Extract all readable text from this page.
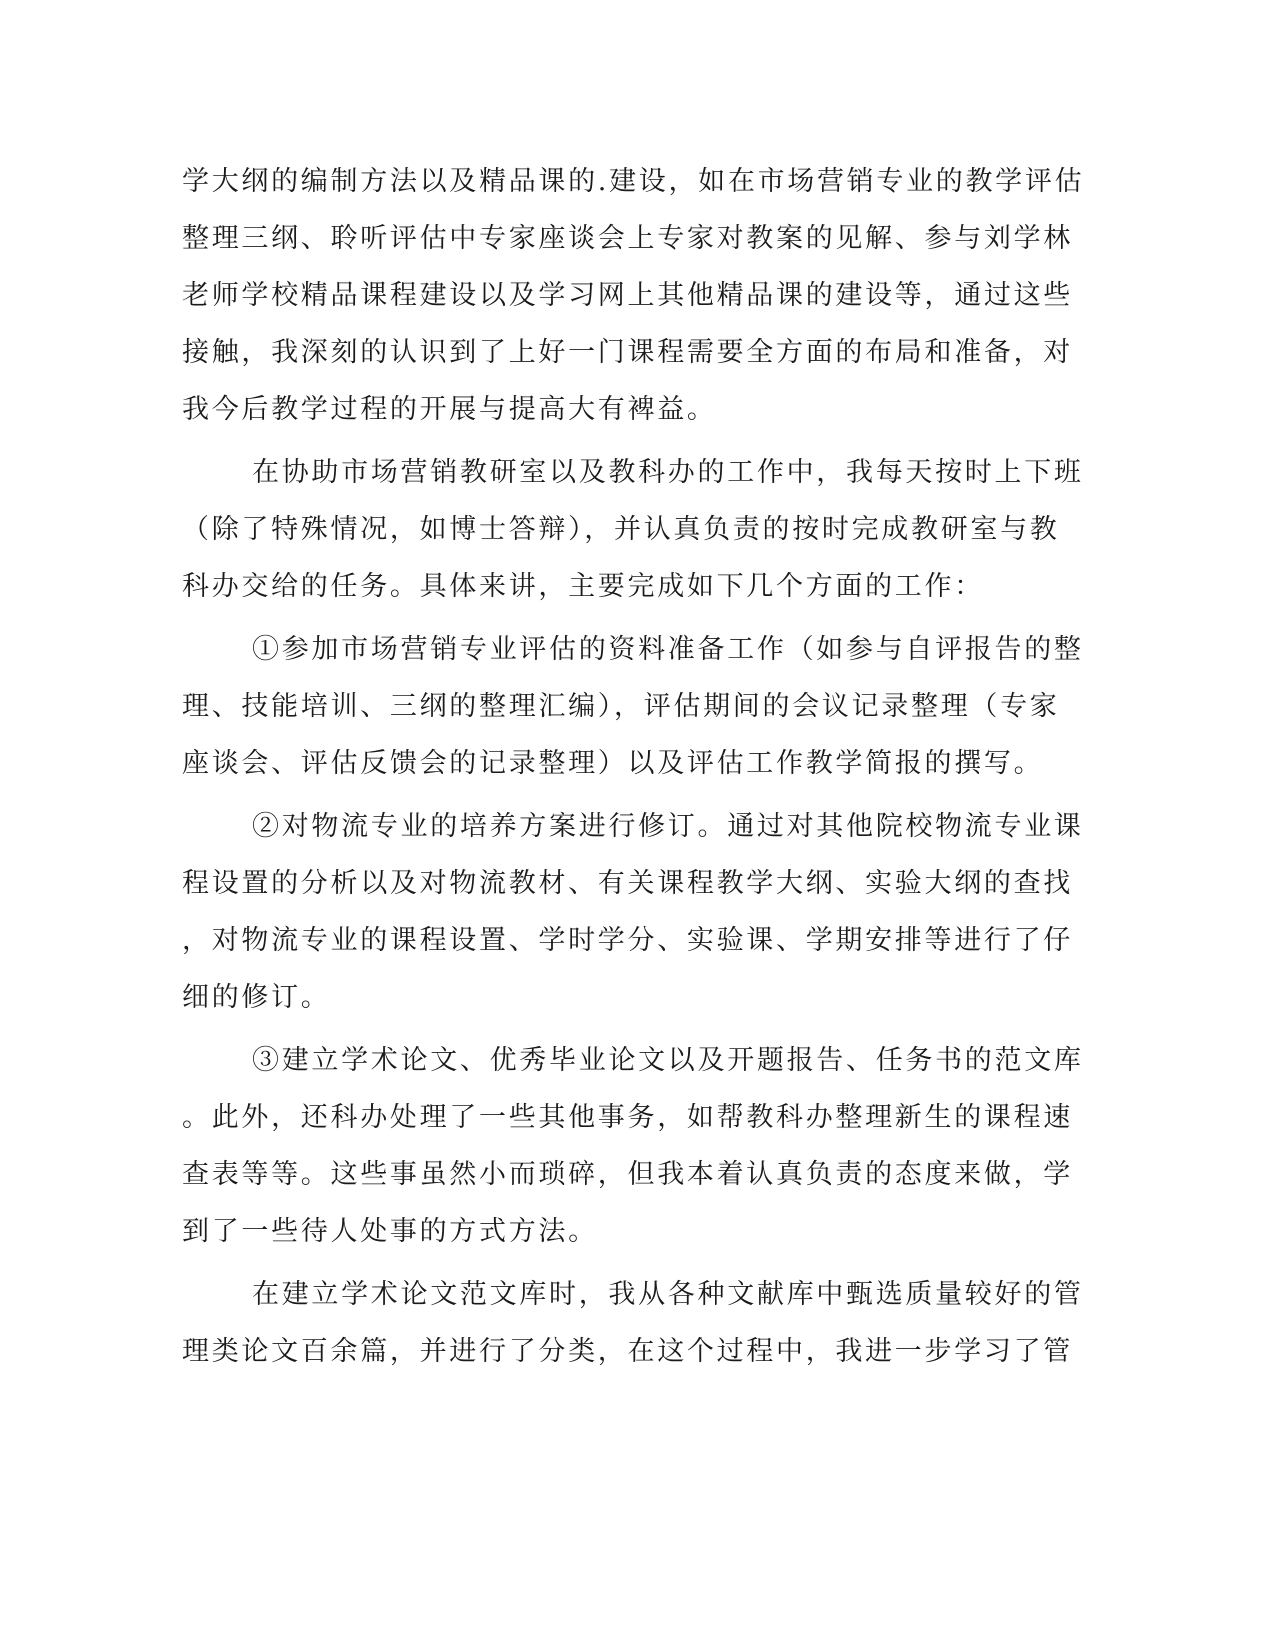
学大纲的编制方法以及精品课的.建设，如在市场营销专业的教学评估
整理三纲、聆听评估中专家座谈会上专家对教案的见解、参与刘学林
老师学校精品课程建设以及学习网上其他精品课的建设等，通过这些
接触，我深刻的认识到了上好一门课程需要全方面的布局和准备，对
我今后教学过程的开展与提高大有裨益。
在协助市场营销教研室以及教科办的工作中，我每天按时上下班
（除了特殊情况，如博士答辩），并认真负责的按时完成教研室与教
科办交给的任务。具体来讲，主要完成如下几个方面的工作：
①参加市场营销专业评估的资料准备工作（如参与自评报告的整
理、技能培训、三纲的整理汇编），评估期间的会议记录整理（专家
座谈会、评估反馈会的记录整理）以及评估工作教学简报的撰写。
②对物流专业的培养方案进行修订。通过对其他院校物流专业课
程设置的分析以及对物流教材、有关课程教学大纲、实验大纲的查找
，对物流专业的课程设置、学时学分、实验课、学期安排等进行了仔
细的修订。
③建立学术论文、优秀毕业论文以及开题报告、任务书的范文库
。此外，还科办处理了一些其他事务，如帮教科办整理新生的课程速
查表等等。这些事虽然小而琐碎，但我本着认真负责的态度来做，学
到了一些待人处事的方式方法。
在建立学术论文范文库时，我从各种文献库中甄选质量较好的管
理类论文百余篇，并进行了分类，在这个过程中，我进一步学习了管
